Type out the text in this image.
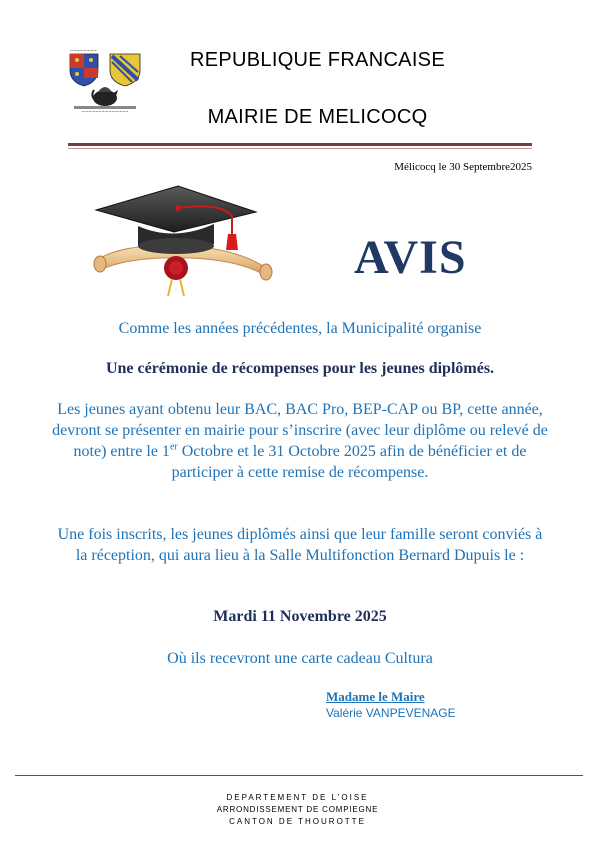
~~~~~~~~
~~~~~~~~~~~~~~
REPUBLIQUE FRANCAISE
MAIRIE DE MELICOCQ
Mélicocq le 30 Septembre2025
AVIS
Comme les années précédentes, la Municipalité organise
Une cérémonie de récompenses pour les jeunes diplômés.
Les jeunes ayant obtenu leur BAC, BAC Pro, BEP-CAP ou BP, cette année, devront se présenter en mairie pour s’inscrire (avec leur diplôme ou relevé de note) entre le 1er Octobre et le 31 Octobre 2025 afin de bénéficier et de participer à cette remise de récompense.
Une fois inscrits, les jeunes diplômés ainsi que leur famille seront conviés à la réception, qui aura lieu à la Salle Multifonction Bernard Dupuis le :
Mardi 11 Novembre 2025
Où ils recevront une carte cadeau Cultura
Madame le Maire
Valérie VANPEVENAGE
DEPARTEMENT DE L’OISE
ARRONDISSEMENT DE COMPIEGNE
CANTON DE THOUROTTE
